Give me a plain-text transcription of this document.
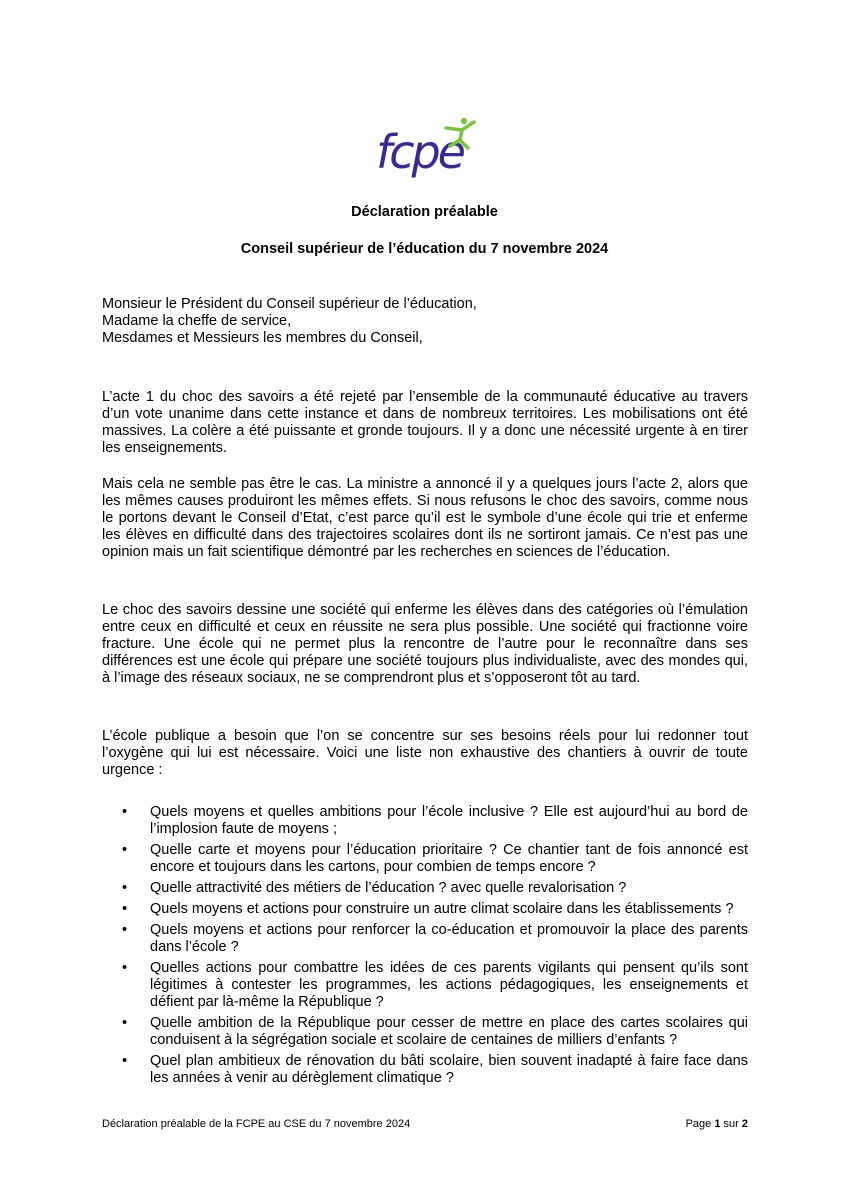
fcpe
Déclaration préalable
Conseil supérieur de l’éducation du 7 novembre 2024
Monsieur le Président du Conseil supérieur de l’éducation,
Madame la cheffe de service,
Mesdames et Messieurs les membres du Conseil,

L’acte 1 du choc des savoirs a été rejeté par l’ensemble de la communauté éducative au travers d’un vote unanime dans cette instance et dans de nombreux territoires. Les mobilisations ont été massives. La colère a été puissante et gronde toujours. Il y a donc une nécessité urgente à en tirer les enseignements.

Mais cela ne semble pas être le cas. La ministre a annoncé il y a quelques jours l’acte 2, alors que les mêmes causes produiront les mêmes effets. Si nous refusons le choc des savoirs, comme nous le portons devant le Conseil d’Etat, c’est parce qu’il est le symbole d’une école qui trie et enferme les élèves en difficulté dans des trajectoires scolaires dont ils ne sortiront jamais. Ce n’est pas une opinion mais un fait scientifique démontré par les recherches en sciences de l’éducation.

Le choc des savoirs dessine une société qui enferme les élèves dans des catégories où l’émulation entre ceux en difficulté et ceux en réussite ne sera plus possible. Une société qui fractionne voire fracture. Une école qui ne permet plus la rencontre de l’autre pour le reconnaître dans ses différences est une école qui prépare une société toujours plus individualiste, avec des mondes qui, à l’image des réseaux sociaux, ne se comprendront plus et s’opposeront tôt au tard.

L’école publique a besoin que l’on se concentre sur ses besoins réels pour lui redonner tout l’oxygène qui lui est nécessaire. Voici une liste non exhaustive des chantiers à ouvrir de toute urgence :

• Quels moyens et quelles ambitions pour l’école inclusive ? Elle est aujourd’hui au bord de l’implosion faute de moyens ;
• Quelle carte et moyens pour l’éducation prioritaire ? Ce chantier tant de fois annoncé est encore et toujours dans les cartons, pour combien de temps encore ?
• Quelle attractivité des métiers de l’éducation ? avec quelle revalorisation ?
• Quels moyens et actions pour construire un autre climat scolaire dans les établissements ?
• Quels moyens et actions pour renforcer la co-éducation et promouvoir la place des parents dans l’école ?
• Quelles actions pour combattre les idées de ces parents vigilants qui pensent qu’ils sont légitimes à contester les programmes, les actions pédagogiques, les enseignements et défient par là-même la République ?
• Quelle ambition de la République pour cesser de mettre en place des cartes scolaires qui conduisent à la ségrégation sociale et scolaire de centaines de milliers d’enfants ?
• Quel plan ambitieux de rénovation du bâti scolaire, bien souvent inadapté à faire face dans les années à venir au dérèglement climatique ?
Déclaration préalable de la FCPE au CSE du 7 novembre 2024	Page 1 sur 2
